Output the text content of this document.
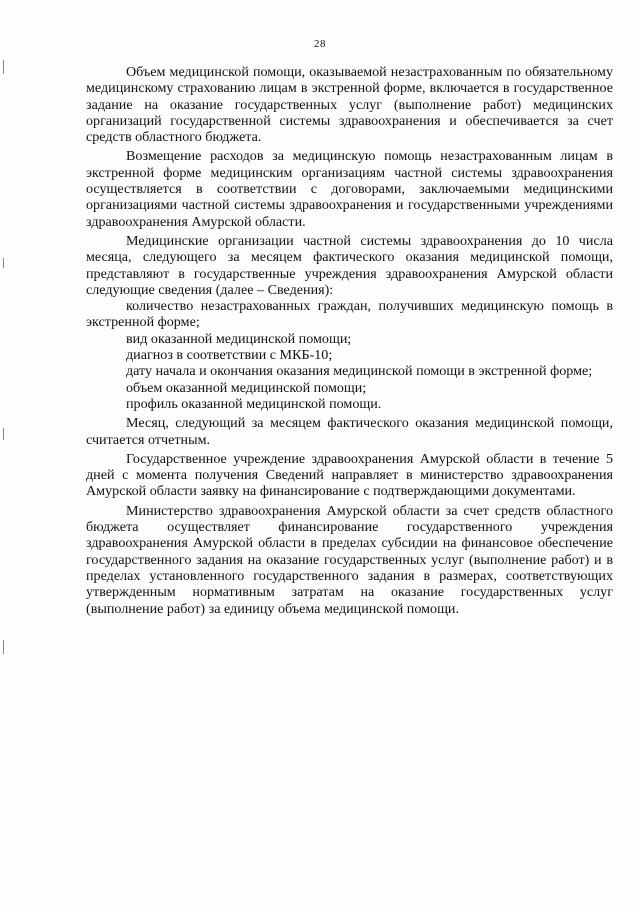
28

Объем медицинской помощи, оказываемой незастрахованным по обязательному медицинскому страхованию лицам в экстренной форме, включается в государственное задание на оказание государственных услуг (выполнение работ) медицинских организаций государственной системы здравоохранения и обеспечивается за счет средств областного бюджета.

Возмещение расходов за медицинскую помощь незастрахованным лицам в экстренной форме медицинским организациям частной системы здравоохранения осуществляется в соответствии с договорами, заключаемыми медицинскими организациями частной системы здравоохранения и государственными учреждениями здравоохранения Амурской области.

Медицинские организации частной системы здравоохранения до 10 числа месяца, следующего за месяцем фактического оказания медицинской помощи, представляют в государственные учреждения здравоохранения Амурской области следующие сведения (далее – Сведения):

количество незастрахованных граждан, получивших медицинскую помощь в экстренной форме;

вид оказанной медицинской помощи;

диагноз в соответствии с МКБ-10;

дату начала и окончания оказания медицинской помощи в экстренной форме;

объем оказанной медицинской помощи;

профиль оказанной медицинской помощи.

Месяц, следующий за месяцем фактического оказания медицинской помощи, считается отчетным.

Государственное учреждение здравоохранения Амурской области в течение 5 дней с момента получения Сведений направляет в министерство здравоохранения Амурской области заявку на финансирование с подтверждающими документами.

Министерство здравоохранения Амурской области за счет средств областного бюджета осуществляет финансирование государственного учреждения здравоохранения Амурской области в пределах субсидии на финансовое обеспечение государственного задания на оказание государственных услуг (выполнение работ) и в пределах установленного государственного задания в размерах, соответствующих утвержденным нормативным затратам на оказание государственных услуг (выполнение работ) за единицу объема медицинской помощи.
